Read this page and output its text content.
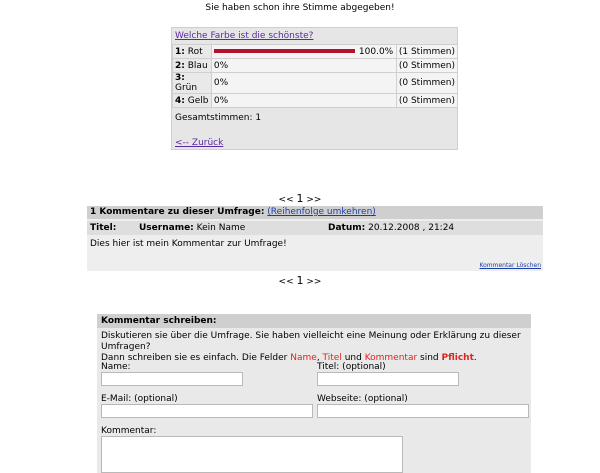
Sie haben schon ihre Stimme abgegeben!
Welche Farbe ist die schönste?
1: Rot	100.0%	(1 Stimmen)
2: Blau	0%	(0 Stimmen)
3: Grün	0%	(0 Stimmen)
4: Gelb	0%	(0 Stimmen)
Gesamtstimmen: 1
<-- Zurück
<< 1 >>
1 Kommentare zu dieser Umfrage: (Reihenfolge umkehren)
Titel:	Username: Kein Name	Datum: 20.12.2008 , 21:24
Dies hier ist mein Kommentar zur Umfrage!
Kommentar Löschen
<< 1 >>
Kommentar schreiben:
Diskutieren sie über die Umfrage. Sie haben vielleicht eine Meinung oder Erklärung zu dieser Umfragen?
Dann schreiben sie es einfach. Die Felder Name, Titel und Kommentar sind Pflicht.
Name:	Titel: (optional)
E-Mail: (optional)	Webseite: (optional)
Kommentar:
